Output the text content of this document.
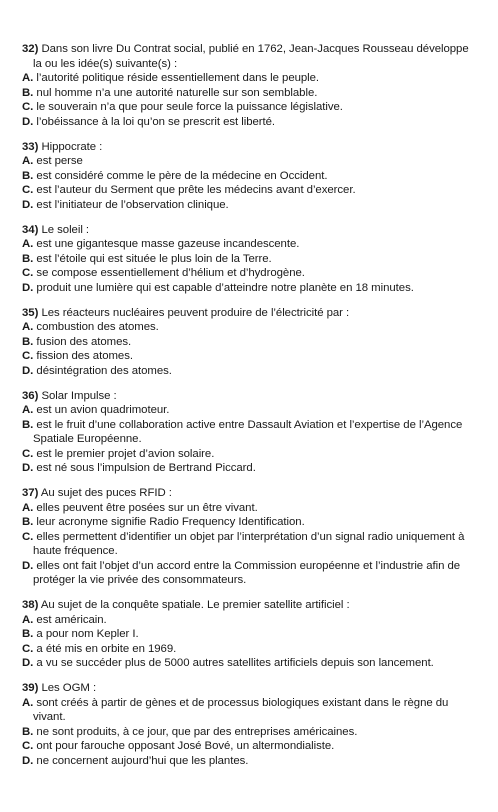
32) Dans son livre Du Contrat social, publié en 1762, Jean-Jacques Rousseau développe la ou les idée(s) suivante(s) :
A. l’autorité politique réside essentiellement dans le peuple.
B. nul homme n’a une autorité naturelle sur son semblable.
C. le souverain n’a que pour seule force la puissance législative.
D. l’obéissance à la loi qu’on se prescrit est liberté.
33) Hippocrate :
A. est perse
B. est considéré comme le père de la médecine en Occident.
C. est l’auteur du Serment que prête les médecins avant d’exercer.
D. est l’initiateur de l’observation clinique.
34) Le soleil :
A. est une gigantesque masse gazeuse incandescente.
B. est l’étoile qui est située le plus loin de la Terre.
C. se compose essentiellement d’hélium et d’hydrogène.
D. produit une lumière qui est capable d’atteindre notre planète en 18 minutes.
35) Les réacteurs nucléaires peuvent produire de l’électricité par :
A. combustion des atomes.
B. fusion des atomes.
C. fission des atomes.
D. désintégration des atomes.
36) Solar Impulse :
A. est un avion quadrimoteur.
B. est le fruit d’une collaboration active entre Dassault Aviation et l’expertise de l’Agence Spatiale Européenne.
C. est le premier projet d’avion solaire.
D. est né sous l’impulsion de Bertrand Piccard.
37) Au sujet des puces RFID :
A. elles peuvent être posées sur un être vivant.
B. leur acronyme signifie Radio Frequency Identification.
C. elles permettent d’identifier un objet par l’interprétation d’un signal radio uniquement à haute fréquence.
D. elles ont fait l’objet d’un accord entre la Commission européenne et l’industrie afin de protéger la vie privée des consommateurs.
38) Au sujet de la conquête spatiale. Le premier satellite artificiel :
A. est américain.
B. a pour nom Kepler I.
C. a été mis en orbite en 1969.
D. a vu se succéder plus de 5000 autres satellites artificiels depuis son lancement.
39) Les OGM :
A. sont créés à partir de gènes et de processus biologiques existant dans le règne du vivant.
B. ne sont produits, à ce jour, que par des entreprises américaines.
C. ont pour farouche opposant José Bové, un altermondialiste.
D. ne concernent aujourd’hui que les plantes.
